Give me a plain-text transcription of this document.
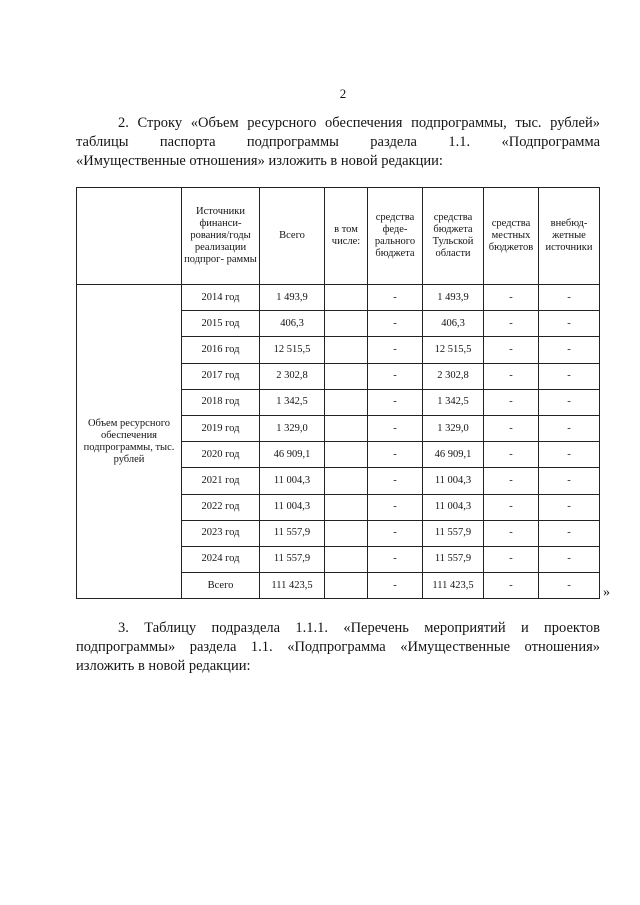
2
2. Строку «Объем ресурсного обеспечения подпрограммы, тыс. рублей»
таблицы паспорта подпрограммы раздела 1.1. «Подпрограмма
«Имущественные отношения» изложить в новой редакции:
	Источники финанси- рования/годы реализации подпрог- раммы	Всего	в том числе:	средства феде- рального бюджета	средства бюджета Тульской области	средства местных бюджетов	внебюд- жетные источники
Объем ресурсного обеспечения подпрограммы, тыс. рублей	2014 год	1 493,9		-	1 493,9	-	-
	2015 год	406,3		-	406,3	-	-
	2016 год	12 515,5		-	12 515,5	-	-
	2017 год	2 302,8		-	2 302,8	-	-
	2018 год	1 342,5		-	1 342,5	-	-
	2019 год	1 329,0		-	1 329,0	-	-
	2020 год	46 909,1		-	46 909,1	-	-
	2021 год	11 004,3		-	11 004,3	-	-
	2022 год	11 004,3		-	11 004,3	-	-
	2023 год	11 557,9		-	11 557,9	-	-
	2024 год	11 557,9		-	11 557,9	-	-
	Всего	111 423,5		-	111 423,5	-	- »
3. Таблицу подраздела 1.1.1. «Перечень мероприятий и проектов
подпрограммы» раздела 1.1. «Подпрограмма «Имущественные отношения»
изложить в новой редакции:
